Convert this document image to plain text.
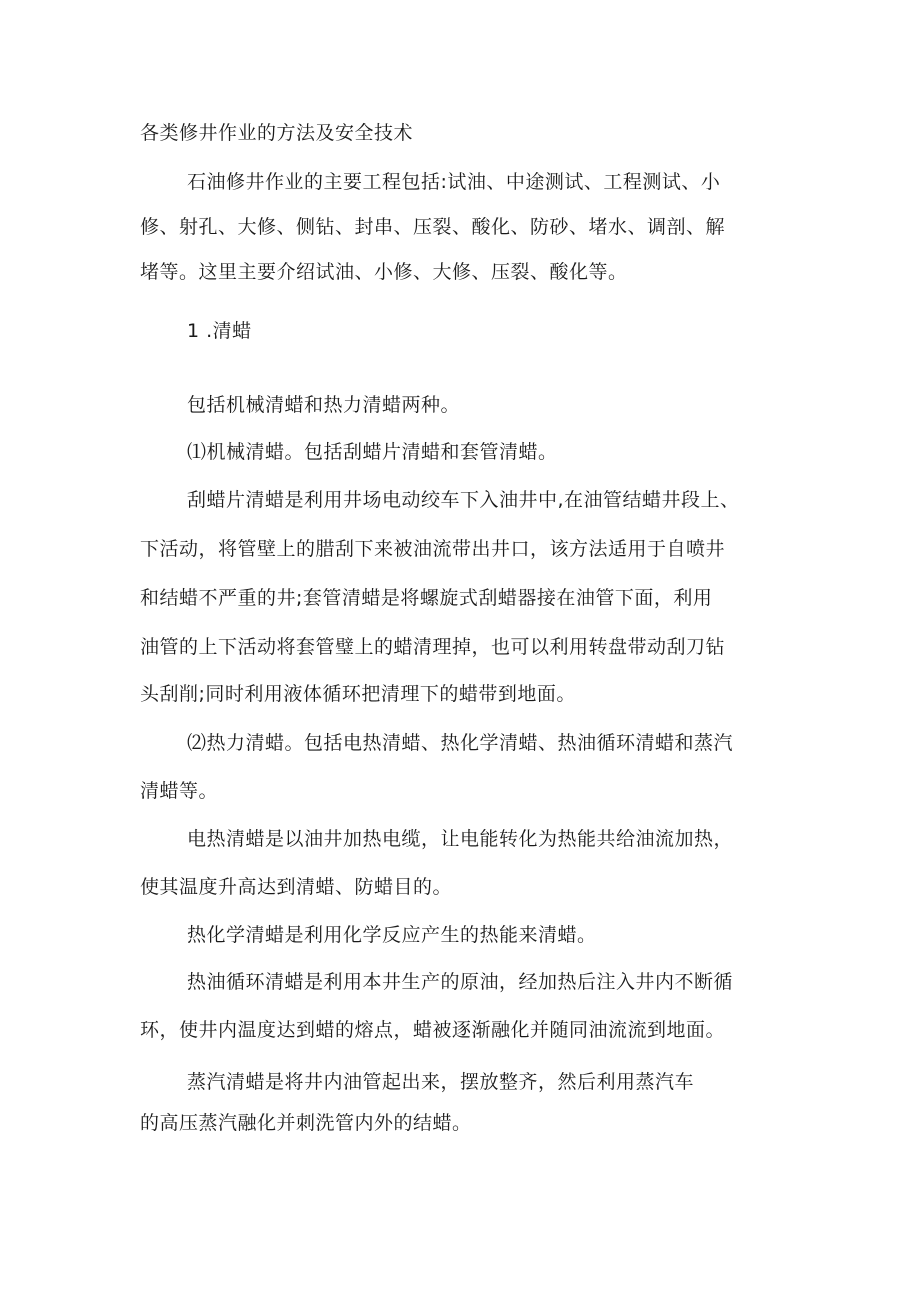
各类修井作业的方法及安全技术
石油修井作业的主要工程包括:试油、中途测试、工程测试、小
修、射孔、大修、侧钻、封串、压裂、酸化、防砂、堵水、调剖、解
堵等。这里主要介绍试油、小修、大修、压裂、酸化等。
1 .清蜡
包括机械清蜡和热力清蜡两种。
⑴机械清蜡。包括刮蜡片清蜡和套管清蜡。
刮蜡片清蜡是利用井场电动绞车下入油井中,在油管结蜡井段上、
下活动，将管壁上的腊刮下来被油流带出井口，该方法适用于自喷井
和结蜡不严重的井;套管清蜡是将螺旋式刮蜡器接在油管下面，利用
油管的上下活动将套管璧上的蜡清理掉，也可以利用转盘带动刮刀钻
头刮削;同时利用液体循环把清理下的蜡带到地面。
⑵热力清蜡。包括电热清蜡、热化学清蜡、热油循环清蜡和蒸汽
清蜡等。
电热清蜡是以油井加热电缆，让电能转化为热能共给油流加热，
使其温度升高达到清蜡、防蜡目的。
热化学清蜡是利用化学反应产生的热能来清蜡。
热油循环清蜡是利用本井生产的原油，经加热后注入井内不断循
环，使井内温度达到蜡的熔点，蜡被逐渐融化并随同油流流到地面。
蒸汽清蜡是将井内油管起出来，摆放整齐，然后利用蒸汽车
的高压蒸汽融化并刺洗管内外的结蜡。
